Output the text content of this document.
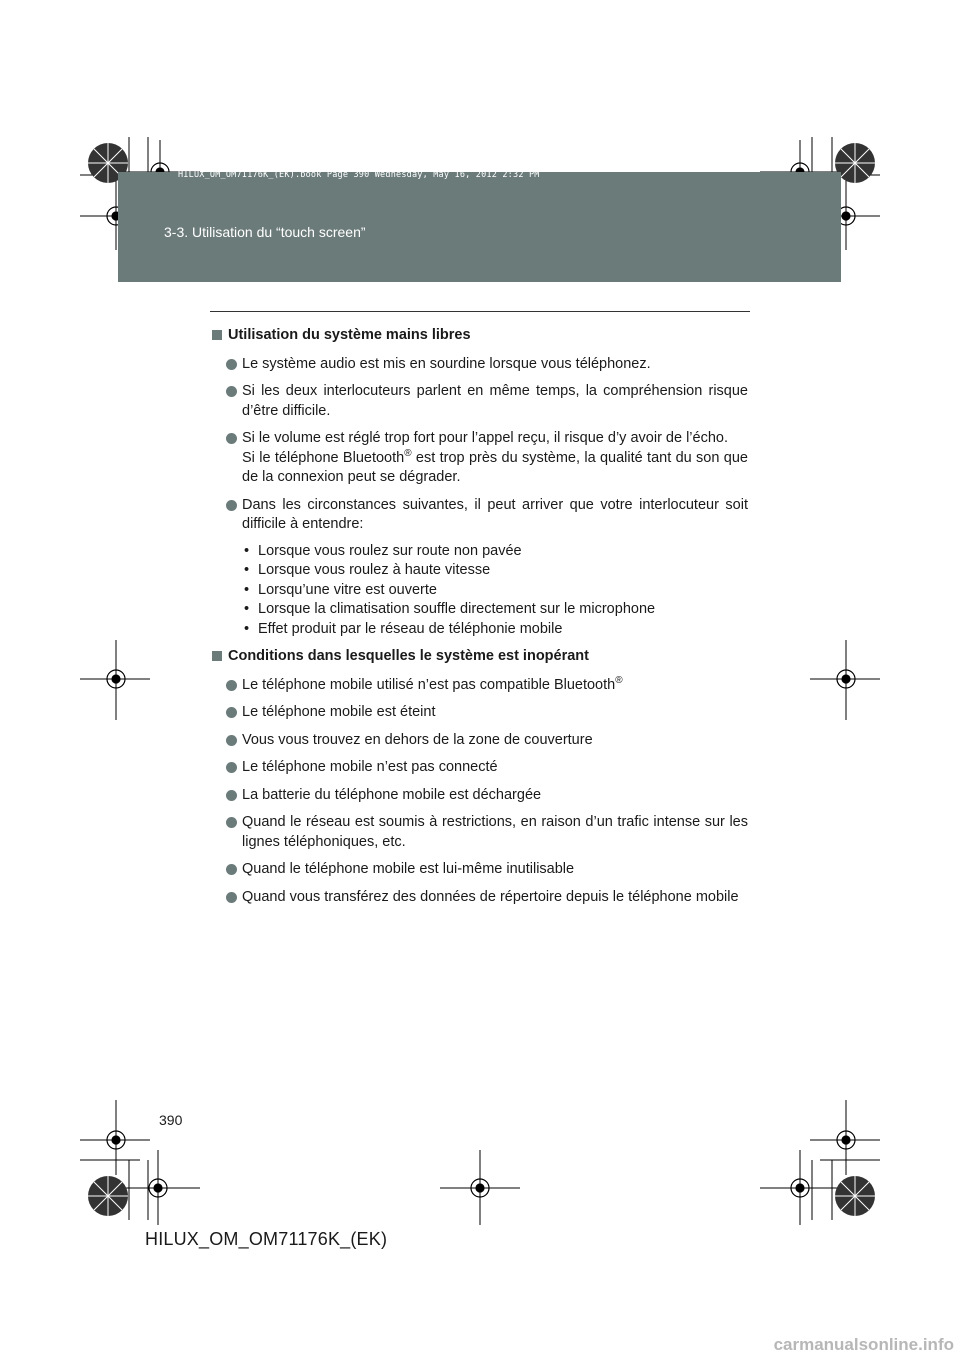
HILUX_OM_OM71176K_(EK).book Page 390 Wednesday, May 16, 2012 2:32 PM
3-3. Utilisation du “touch screen”
Utilisation du système mains libres

Le système audio est mis en sourdine lorsque vous téléphonez.

Si les deux interlocuteurs parlent en même temps, la compréhension risque d’être difficile.

Si le volume est réglé trop fort pour l’appel reçu, il risque d’y avoir de l’écho.

Si le téléphone Bluetooth® est trop près du système, la qualité tant du son que de la connexion peut se dégrader.

Dans les circonstances suivantes, il peut arriver que votre interlocuteur soit difficile à entendre:

• Lorsque vous roulez sur route non pavée
• Lorsque vous roulez à haute vitesse
• Lorsqu’une vitre est ouverte
• Lorsque la climatisation souffle directement sur le microphone
• Effet produit par le réseau de téléphonie mobile
Conditions dans lesquelles le système est inopérant

Le téléphone mobile utilisé n’est pas compatible Bluetooth®

Le téléphone mobile est éteint

Vous vous trouvez en dehors de la zone de couverture

Le téléphone mobile n’est pas connecté

La batterie du téléphone mobile est déchargée

Quand le réseau est soumis à restrictions, en raison d’un trafic intense sur les lignes téléphoniques, etc.

Quand le téléphone mobile est lui-même inutilisable

Quand vous transférez des données de répertoire depuis le téléphone mobile

390
HILUX_OM_OM71176K_(EK)
carmanualsonline.info
